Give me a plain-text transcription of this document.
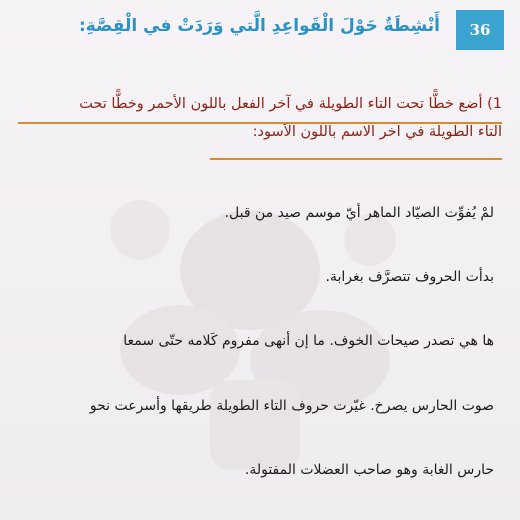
36
أَنْشِطَةٌ حَوْلَ الْقَواعِدِ الَّتي وَرَدَتْ في الْقِصَّةِ:
1) أضع خطًّا تحت التاء الطويلة في آخر الفعل باللون الأحمر وخطًّا تحت
التاء الطويلة في آخر الاسم باللون الأسود:
لمْ يُفوِّت الصيّاد الماهر أيّ موسم صيد من قبل.
بدأت الحروف تتصرَّف بغرابة.
ها هي تصدر صيحات الخوف. ما إن أنهى مفروم كَلامه حتّى سمعا
صوت الحارس يصرخ. غيّرت حروف التاء الطويلة طريقها وأسرعت نحو
حارس الغابة وهو صاحب العضلات المفتولة.
